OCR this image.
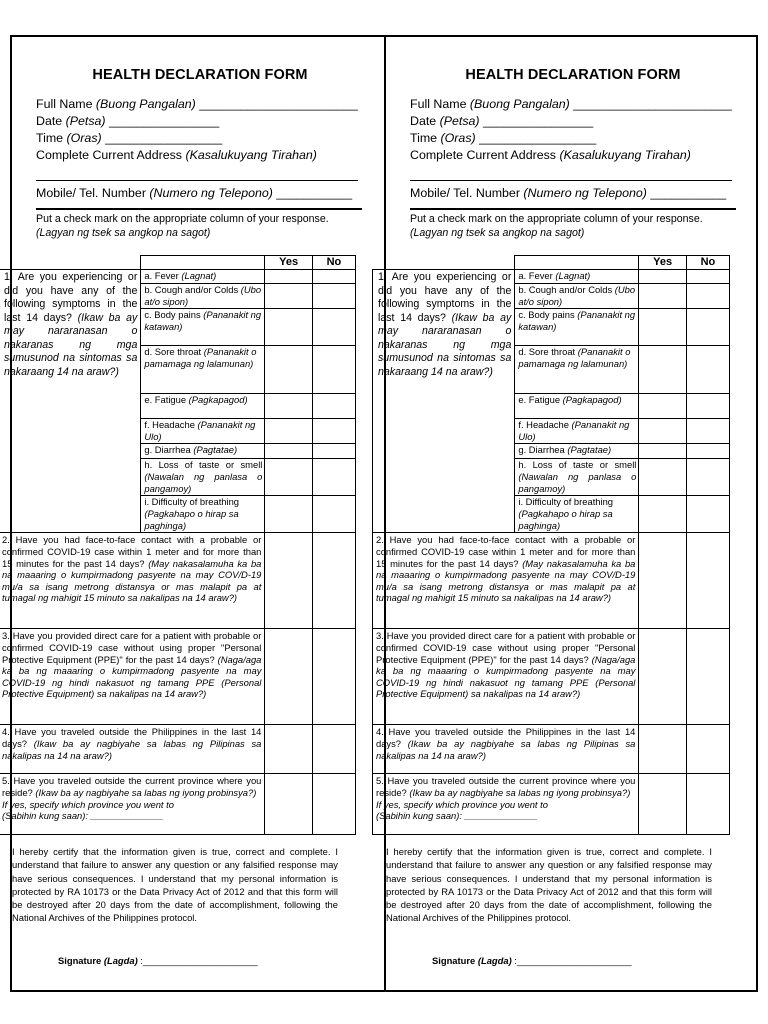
HEALTH DECLARATION FORM
Full Name (Buong Pangalan) _______________________
Date (Petsa) ________________
Time (Oras) _________________
Complete Current Address (Kasalukuyang Tirahan)
Mobile/ Tel. Number (Numero ng Telepono) ___________
Put a check mark on the appropriate column of your response.
(Lagyan ng tsek sa angkop na sagot)
		Yes	No
1. Are you experiencing or did you have any of the following symptoms in the last 14 days? (Ikaw ba ay may nararanasan o nakaranas ng mga sumusunod na sintomas sa nakaraang 14 na araw?)	a. Fever (Lagnat)		
	b. Cough and/or Colds (Ubo at/o sipon)		
	c. Body pains (Pananakit ng katawan)		
	d. Sore throat (Pananakit o pamamaga ng lalamunan)		
	e. Fatigue (Pagkapagod)		
	f. Headache (Pananakit ng Ulo)		
	g. Diarrhea (Pagtatae)		
	h. Loss of taste or smell (Nawalan ng panlasa o pangamoy)		
	i. Difficulty of breathing (Pagkahapo o hirap sa paghinga)		
2. Have you had face-to-face contact with a probable or confirmed COVID-19 case within 1 meter and for more than 15 minutes for the past 14 days? (May nakasalamuha ka ba na maaaring o kumpirmadong pasyente na may COV/D-19 mu/a sa isang metrong distansya or mas malapit pa at tumagal ng mahigit 15 minuto sa nakalipas na 14 araw?)			
3. Have you provided direct care for a patient with probable or confirmed COVID-19 case without using proper "Personal Protective Equipment (PPE)" for the past 14 days? (Naga/aga ka ba ng maaaring o kumpirmadong pasyente na may COVID-19 ng hindi nakasuot ng tamang PPE (Personal Protective Equipment) sa nakalipas na 14 araw?)			
4. Have you traveled outside the Philippines in the last 14 days? (Ikaw ba ay nagbiyahe sa labas ng Pilipinas sa nakalipas na 14 na araw?)			
5. Have you traveled outside the current province where you reside? (Ikaw ba ay nagbiyahe sa labas ng iyong probinsya?)
If yes, specify which province you went to
(Sabihin kung saan): ______________			
I hereby certify that the information given is true, correct and complete. I understand that failure to answer any question or any falsified response may have serious consequences. I understand that my personal information is protected by RA 10173 or the Data Privacy Act of 2012 and that this form will be destroyed after 20 days from the date of accomplishment, following the National Archives of the Philippines protocol.
Signature (Lagda) :______________________
HEALTH DECLARATION FORM
Full Name (Buong Pangalan) _______________________
Date (Petsa) ________________
Time (Oras) _________________
Complete Current Address (Kasalukuyang Tirahan)
Mobile/ Tel. Number (Numero ng Telepono) ___________
Put a check mark on the appropriate column of your response.
(Lagyan ng tsek sa angkop na sagot)
		Yes	No
1. Are you experiencing or did you have any of the following symptoms in the last 14 days? (Ikaw ba ay may nararanasan o nakaranas ng mga sumusunod na sintomas sa nakaraang 14 na araw?)	a. Fever (Lagnat)		
	b. Cough and/or Colds (Ubo at/o sipon)		
	c. Body pains (Pananakit ng katawan)		
	d. Sore throat (Pananakit o pamamaga ng lalamunan)		
	e. Fatigue (Pagkapagod)		
	f. Headache (Pananakit ng Ulo)		
	g. Diarrhea (Pagtatae)		
	h. Loss of taste or smell (Nawalan ng panlasa o pangamoy)		
	i. Difficulty of breathing (Pagkahapo o hirap sa paghinga)		
2. Have you had face-to-face contact with a probable or confirmed COVID-19 case within 1 meter and for more than 15 minutes for the past 14 days? (May nakasalamuha ka ba na maaaring o kumpirmadong pasyente na may COV/D-19 mu/a sa isang metrong distansya or mas malapit pa at tumagal ng mahigit 15 minuto sa nakalipas na 14 araw?)			
3. Have you provided direct care for a patient with probable or confirmed COVID-19 case without using proper "Personal Protective Equipment (PPE)" for the past 14 days? (Naga/aga ka ba ng maaaring o kumpirmadong pasyente na may COVID-19 ng hindi nakasuot ng tamang PPE (Personal Protective Equipment) sa nakalipas na 14 araw?)			
4. Have you traveled outside the Philippines in the last 14 days? (Ikaw ba ay nagbiyahe sa labas ng Pilipinas sa nakalipas na 14 na araw?)			
5. Have you traveled outside the current province where you reside? (Ikaw ba ay nagbiyahe sa labas ng iyong probinsya?)
If yes, specify which province you went to
(Sabihin kung saan): ______________			
I hereby certify that the information given is true, correct and complete. I understand that failure to answer any question or any falsified response may have serious consequences. I understand that my personal information is protected by RA 10173 or the Data Privacy Act of 2012 and that this form will be destroyed after 20 days from the date of accomplishment, following the National Archives of the Philippines protocol.
Signature (Lagda) :______________________
